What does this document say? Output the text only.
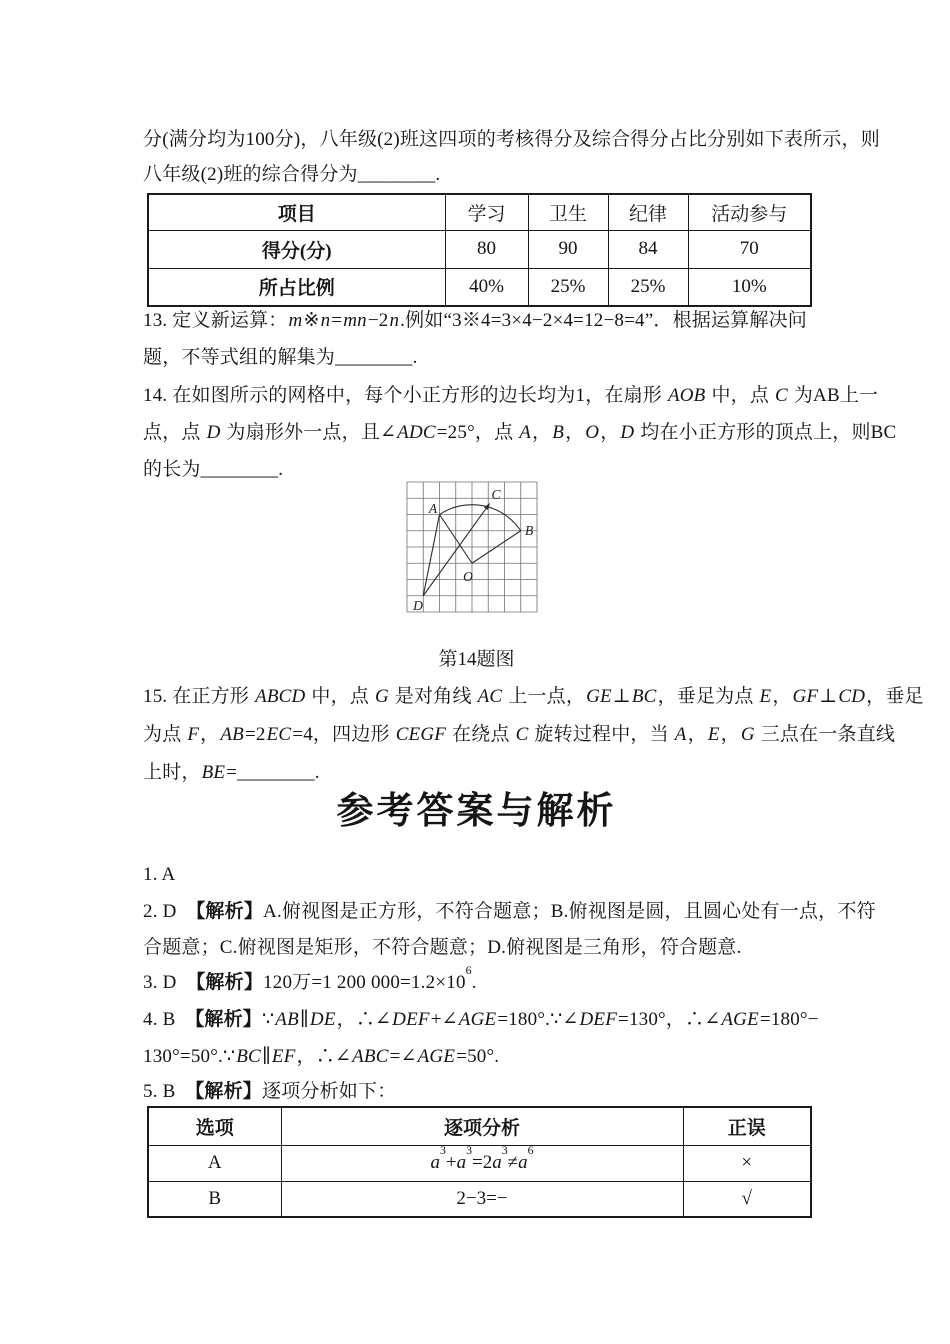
分(满分均为100分)，八年级(2)班这四项的考核得分及综合得分占比分别如下表所示，则
八年级(2)班的综合得分为________.
项目	学习	卫生	纪律	活动参与
得分(分)	80	90	84	70
所占比例	40%	25%	25%	10%
13. 定义新运算：m※n=mn−2n.例如“3※4=3×4−2×4=12−8=4”．根据运算解决问
题，不等式组的解集为________.
14. 在如图所示的网格中，每个小正方形的边长均为1，在扇形 AOB 中，点 C 为AB上一
点，点 D 为扇形外一点，且∠ADC=25°，点 A，B，O，D 均在小正方形的顶点上，则BC
的长为________.
A
C
B
O
D
第14题图
15. 在正方形 ABCD 中，点 G 是对角线 AC 上一点，GE⊥BC，垂足为点 E，GF⊥CD，垂足
为点 F，AB=2EC=4，四边形 CEGF 在绕点 C 旋转过程中，当 A，E，G 三点在一条直线
上时，BE=________.
参考答案与解析
1. A
2. D　【解析】A.俯视图是正方形，不符合题意；B.俯视图是圆，且圆心处有一点，不符
合题意；C.俯视图是矩形，不符合题意；D.俯视图是三角形，符合题意.
3. D　【解析】120万=1 200 $000=1.2\times 10^6$.
4. B　【解析】∵AB∥DE，∴∠DEF+∠AGE=180°.∵∠DEF=130°，∴∠AGE=180°−
130°=50°.∵BC∥EF，∴∠ABC=∠AGE=50°.
5. B　【解析】逐项分析如下：
选项	逐项分析	正误
A	$a^3+a^3=2a^3\ne a^6$	×
B	2−3=−	√
